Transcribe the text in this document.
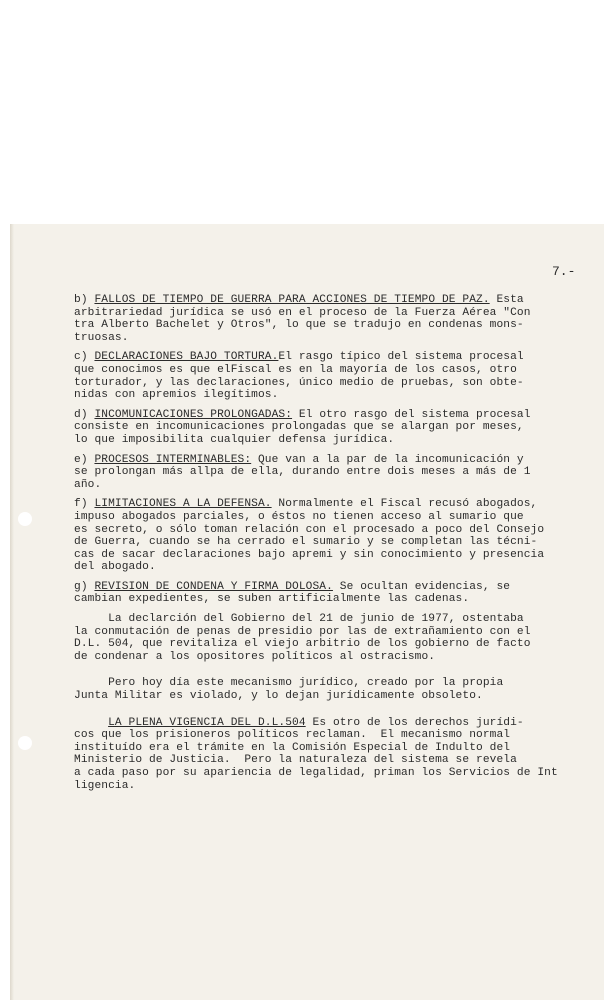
7.-

b) FALLOS DE TIEMPO DE GUERRA PARA ACCIONES DE TIEMPO DE PAZ. Esta
arbitrariedad jurídica se usó en el proceso de la Fuerza Aérea "Con
tra Alberto Bachelet y Otros", lo que se tradujo en condenas mons-
truosas.

c) DECLARACIONES BAJO TORTURA.El rasgo típico del sistema procesal
que conocimos es que elFiscal es en la mayoría de los casos, otro
torturador, y las declaraciones, único medio de pruebas, son obte-
nidas con apremios ilegítimos.

d) INCOMUNICACIONES PROLONGADAS: El otro rasgo del sistema procesal
consiste en incomunicaciones prolongadas que se alargan por meses,
lo que imposibilita cualquier defensa jurídica.

e) PROCESOS INTERMINABLES: Que van a la par de la incomunicación y
se prolongan más allpa de ella, durando entre dois meses a más de 1
año.

f) LIMITACIONES A LA DEFENSA. Normalmente el Fiscal recusó abogados,
impuso abogados parciales, o éstos no tienen acceso al sumario que
es secreto, o sólo toman relación con el procesado a poco del Consejo
de Guerra, cuando se ha cerrado el sumario y se completan las técni-
cas de sacar declaraciones bajo apremi y sin conocimiento y presencia
del abogado.

g) REVISION DE CONDENA Y FIRMA DOLOSA. Se ocultan evidencias, se
cambian expedientes, se suben artificialmente las cadenas.

La declarción del Gobierno del 21 de junio de 1977, ostentaba
la conmutación de penas de presidio por las de extrañamiento con el
D.L. 504, que revitaliza el viejo arbitrio de los gobierno de facto
de condenar a los opositores políticos al ostracismo.

Pero hoy día este mecanismo jurídico, creado por la propia
Junta Militar es violado, y lo dejan jurídicamente obsoleto.

LA PLENA VIGENCIA DEL D.L.504 Es otro de los derechos jurídi-
cos que los prisioneros políticos reclaman.  El mecanismo normal
instituído era el trámite en la Comisión Especial de Indulto del
Ministerio de Justicia.  Pero la naturaleza del sistema se revela
a cada paso por su apariencia de legalidad, priman los Servicios de Int
ligencia.
